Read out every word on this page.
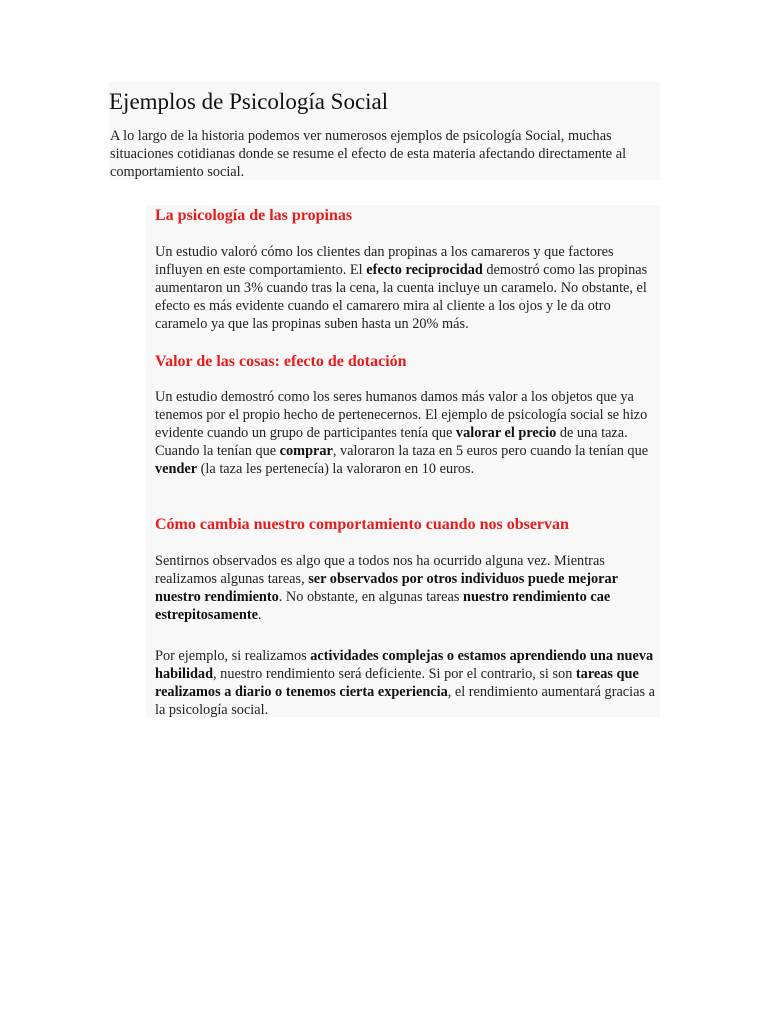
Ejemplos de Psicología Social

A lo largo de la historia podemos ver numerosos ejemplos de psicología Social, muchas situaciones cotidianas donde se resume el efecto de esta materia afectando directamente al comportamiento social.

La psicología de las propinas

Un estudio valoró cómo los clientes dan propinas a los camareros y que factores influyen en este comportamiento. El efecto reciprocidad demostró como las propinas aumentaron un 3% cuando tras la cena, la cuenta incluye un caramelo. No obstante, el efecto es más evidente cuando el camarero mira al cliente a los ojos y le da otro caramelo ya que las propinas suben hasta un 20% más.

Valor de las cosas: efecto de dotación

Un estudio demostró como los seres humanos damos más valor a los objetos que ya tenemos por el propio hecho de pertenecernos. El ejemplo de psicología social se hizo evidente cuando un grupo de participantes tenía que valorar el precio de una taza. Cuando la tenían que comprar, valoraron la taza en 5 euros pero cuando la tenían que vender (la taza les pertenecía) la valoraron en 10 euros.

Cómo cambia nuestro comportamiento cuando nos observan

Sentirnos observados es algo que a todos nos ha ocurrido alguna vez. Mientras realizamos algunas tareas, ser observados por otros individuos puede mejorar nuestro rendimiento. No obstante, en algunas tareas nuestro rendimiento cae estrepitosamente.

Por ejemplo, si realizamos actividades complejas o estamos aprendiendo una nueva habilidad, nuestro rendimiento será deficiente. Si por el contrario, si son tareas que realizamos a diario o tenemos cierta experiencia, el rendimiento aumentará gracias a la psicología social.
